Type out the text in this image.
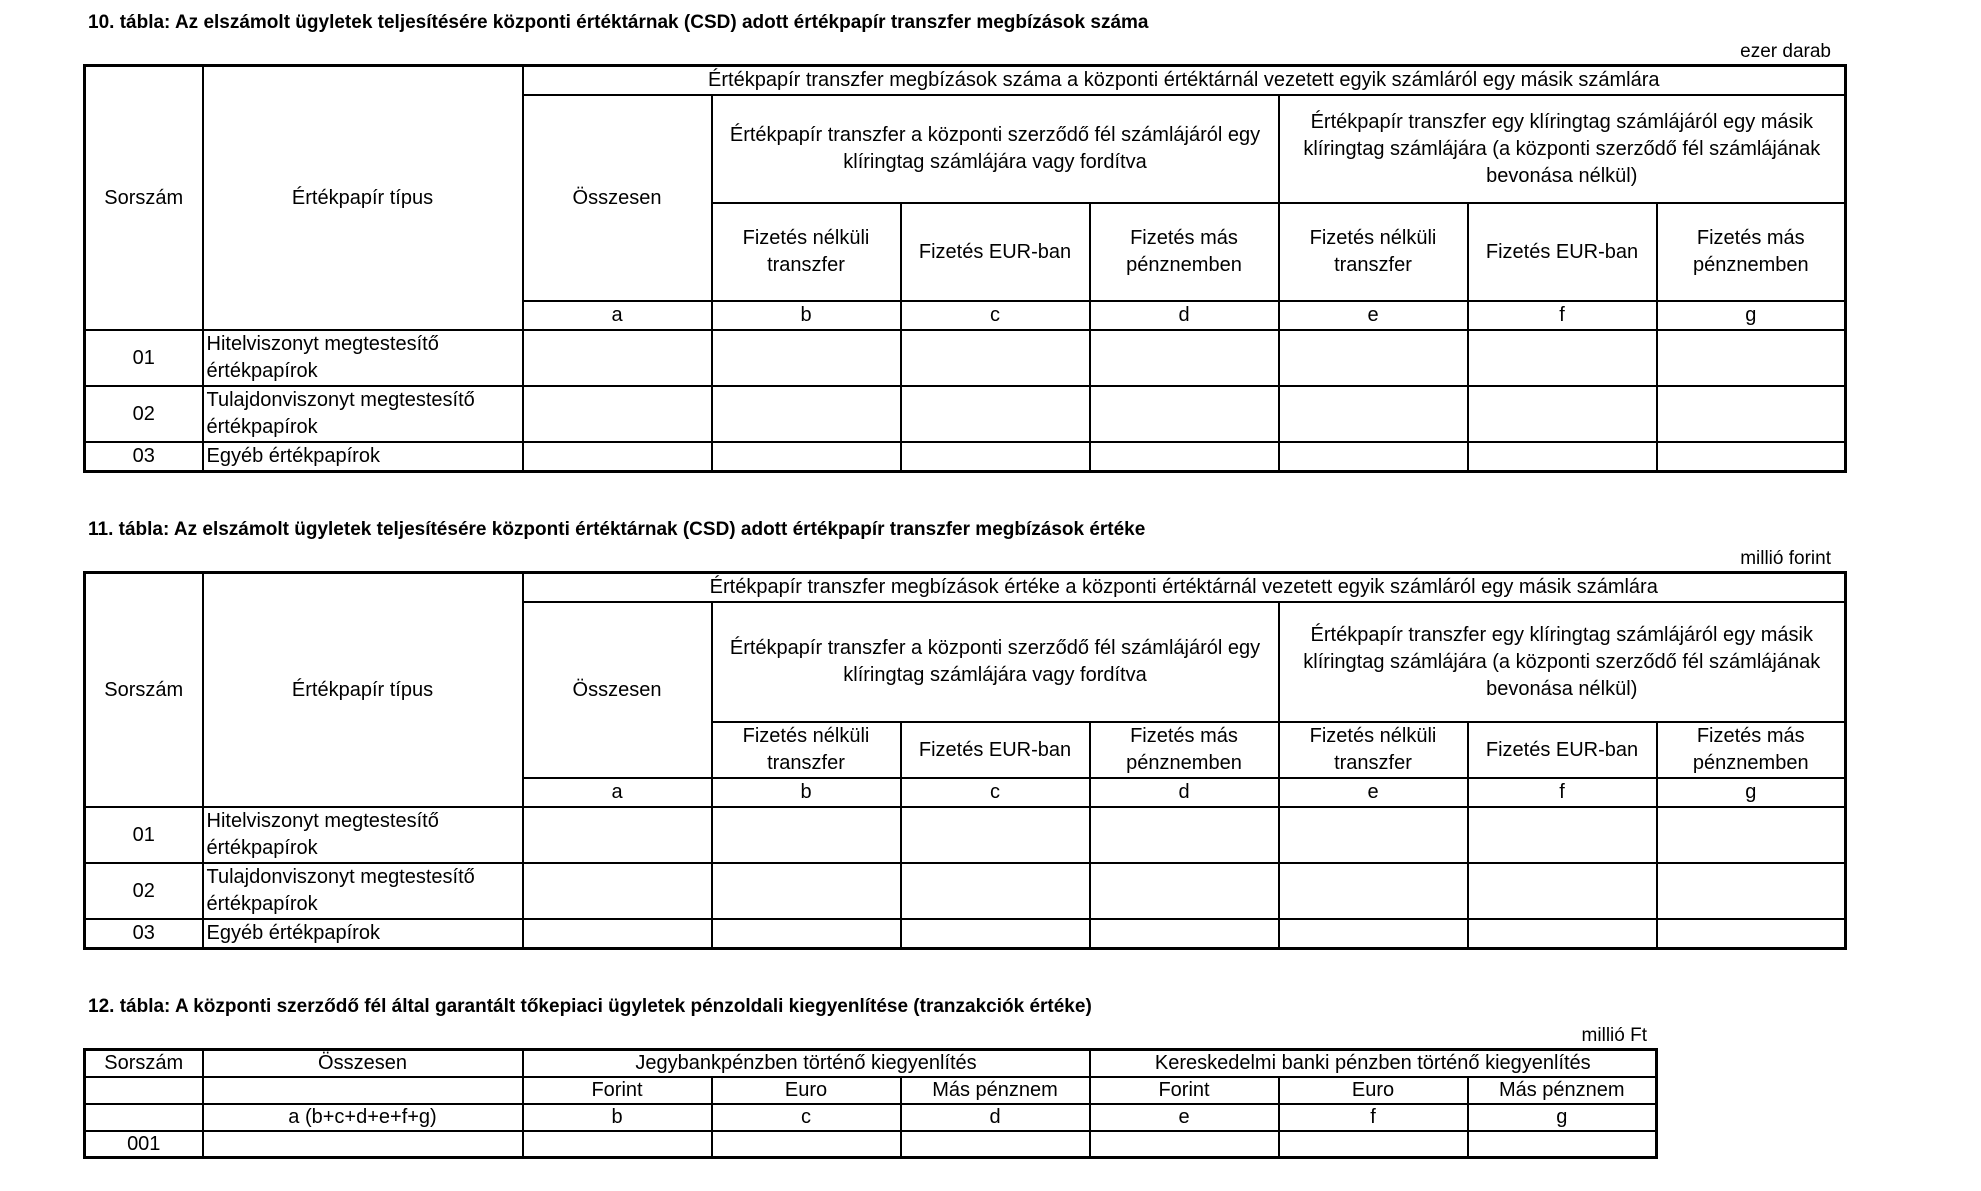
10. tábla: Az elszámolt ügyletek teljesítésére központi értéktárnak (CSD) adott értékpapír transzfer megbízások száma
ezer darab
Sorszám	Értékpapír típus	Értékpapír transzfer megbízások száma a központi értéktárnál vezetett egyik számláról egy másik számlára						
		Összesen	Értékpapír transzfer a központi szerződő fél számlájáról egy klíringtag számlájára vagy fordítva			Értékpapír transzfer egy klíringtag számlájáról egy másik klíringtag számlájára (a központi szerződő fél számlájának bevonása nélkül)		
			Fizetés nélküli transzfer	Fizetés EUR-ban	Fizetés más pénznemben	Fizetés nélküli transzfer	Fizetés EUR-ban	Fizetés más pénznemben
		a	b	c	d	e	f	g
01	Hitelviszonyt megtestesítő értékpapírok							
02	Tulajdonviszonyt megtestesítő értékpapírok							
03	Egyéb értékpapírok							
11. tábla: Az elszámolt ügyletek teljesítésére központi értéktárnak (CSD) adott értékpapír transzfer megbízások értéke
millió forint
Sorszám	Értékpapír típus	Értékpapír transzfer megbízások értéke a központi értéktárnál vezetett egyik számláról egy másik számlára						
		Összesen	Értékpapír transzfer a központi szerződő fél számlájáról egy klíringtag számlájára vagy fordítva			Értékpapír transzfer egy klíringtag számlájáról egy másik klíringtag számlájára (a központi szerződő fél számlájának bevonása nélkül)		
			Fizetés nélküli transzfer	Fizetés EUR-ban	Fizetés más pénznemben	Fizetés nélküli transzfer	Fizetés EUR-ban	Fizetés más pénznemben
		a	b	c	d	e	f	g
01	Hitelviszonyt megtestesítő értékpapírok							
02	Tulajdonviszonyt megtestesítő értékpapírok							
03	Egyéb értékpapírok							
12. tábla: A központi szerződő fél által garantált tőkepiaci ügyletek pénzoldali kiegyenlítése (tranzakciók értéke)
millió Ft
Sorszám	Összesen	Jegybankpénzben történő kiegyenlítés			Kereskedelmi banki pénzben történő kiegyenlítés		
		Forint	Euro	Más pénznem	Forint	Euro	Más pénznem
	a (b+c+d+e+f+g)	b	c	d	e	f	g
001							
